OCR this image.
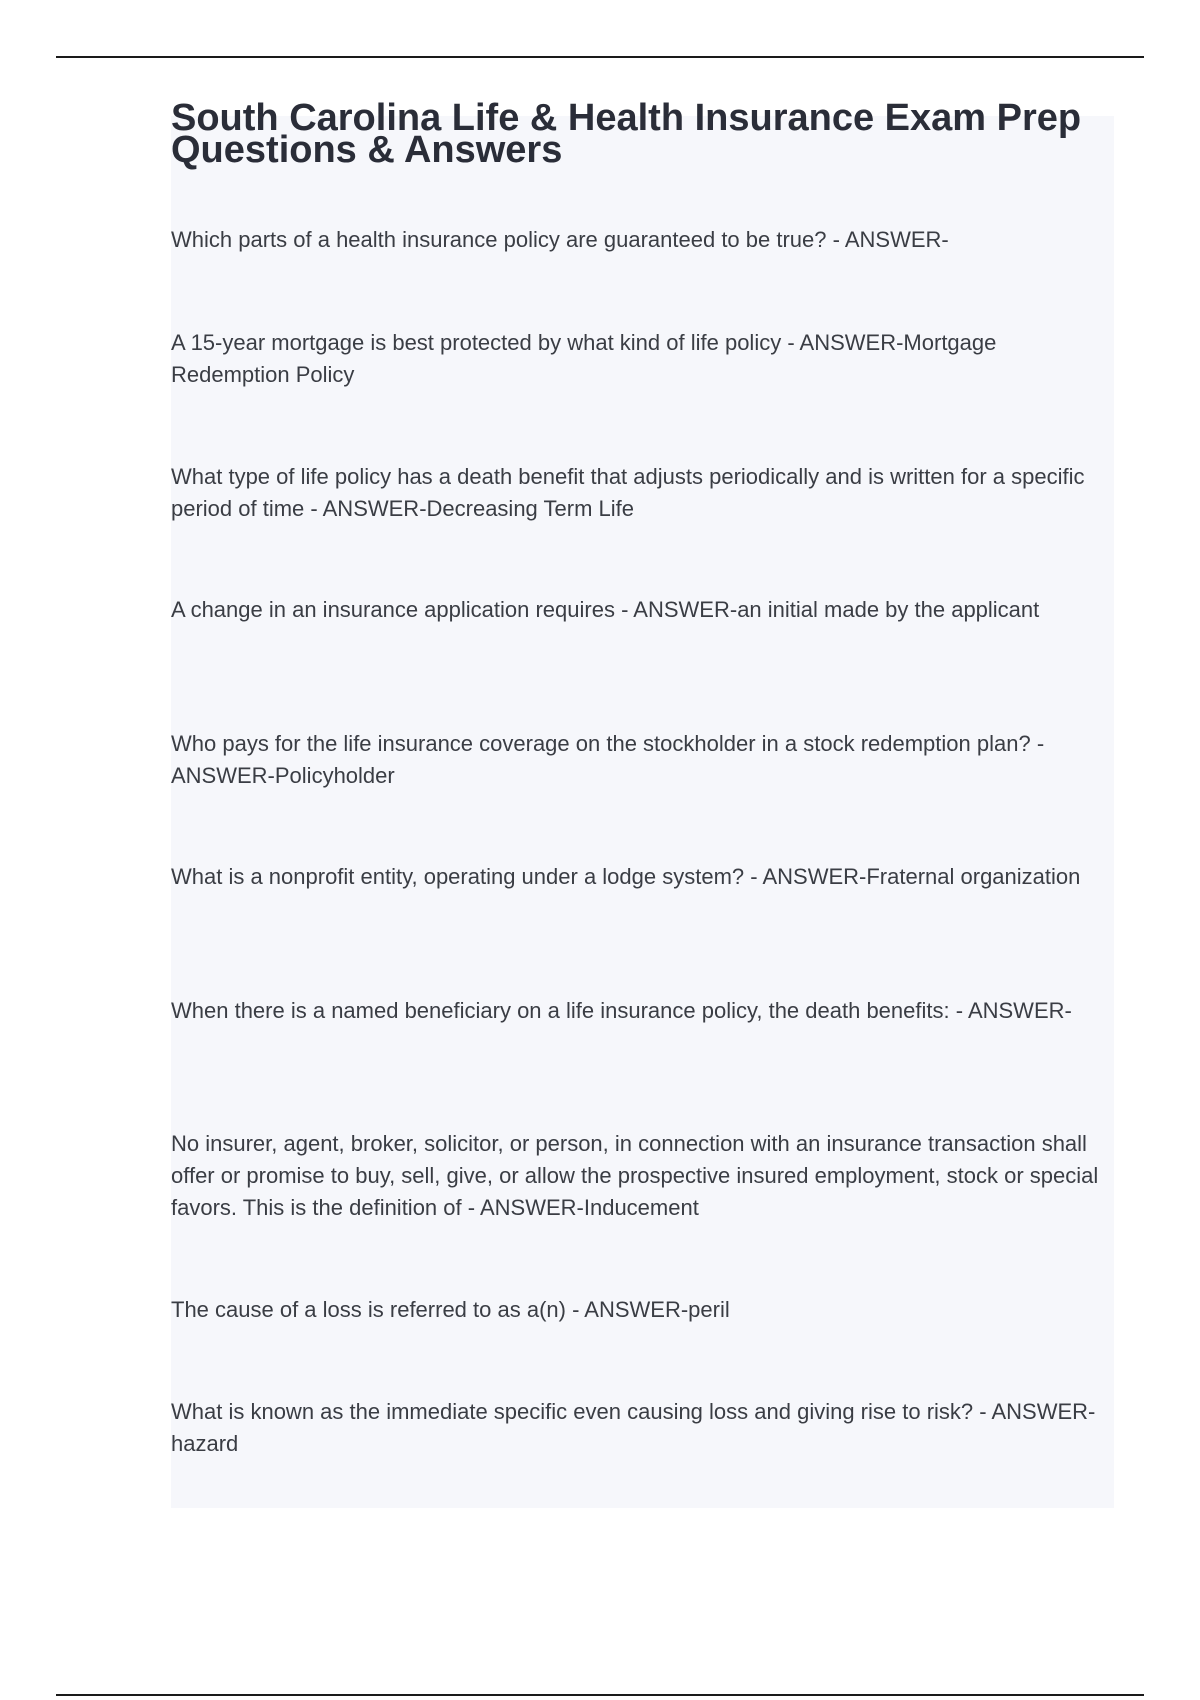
South Carolina Life & Health Insurance Exam Prep Questions & Answers
Which parts of a health insurance policy are guaranteed to be true? - ANSWER-
A 15-year mortgage is best protected by what kind of life policy - ANSWER-Mortgage Redemption Policy
What type of life policy has a death benefit that adjusts periodically and is written for a specific period of time - ANSWER-Decreasing Term Life
A change in an insurance application requires - ANSWER-an initial made by the applicant
Who pays for the life insurance coverage on the stockholder in a stock redemption plan? - ANSWER-Policyholder
What is a nonprofit entity, operating under a lodge system? - ANSWER-Fraternal organization
When there is a named beneficiary on a life insurance policy, the death benefits: - ANSWER-
No insurer, agent, broker, solicitor, or person, in connection with an insurance transaction shall offer or promise to buy, sell, give, or allow the prospective insured employment, stock or special favors. This is the definition of - ANSWER-Inducement
The cause of a loss is referred to as a(n) - ANSWER-peril
What is known as the immediate specific even causing loss and giving rise to risk? - ANSWER-hazard
